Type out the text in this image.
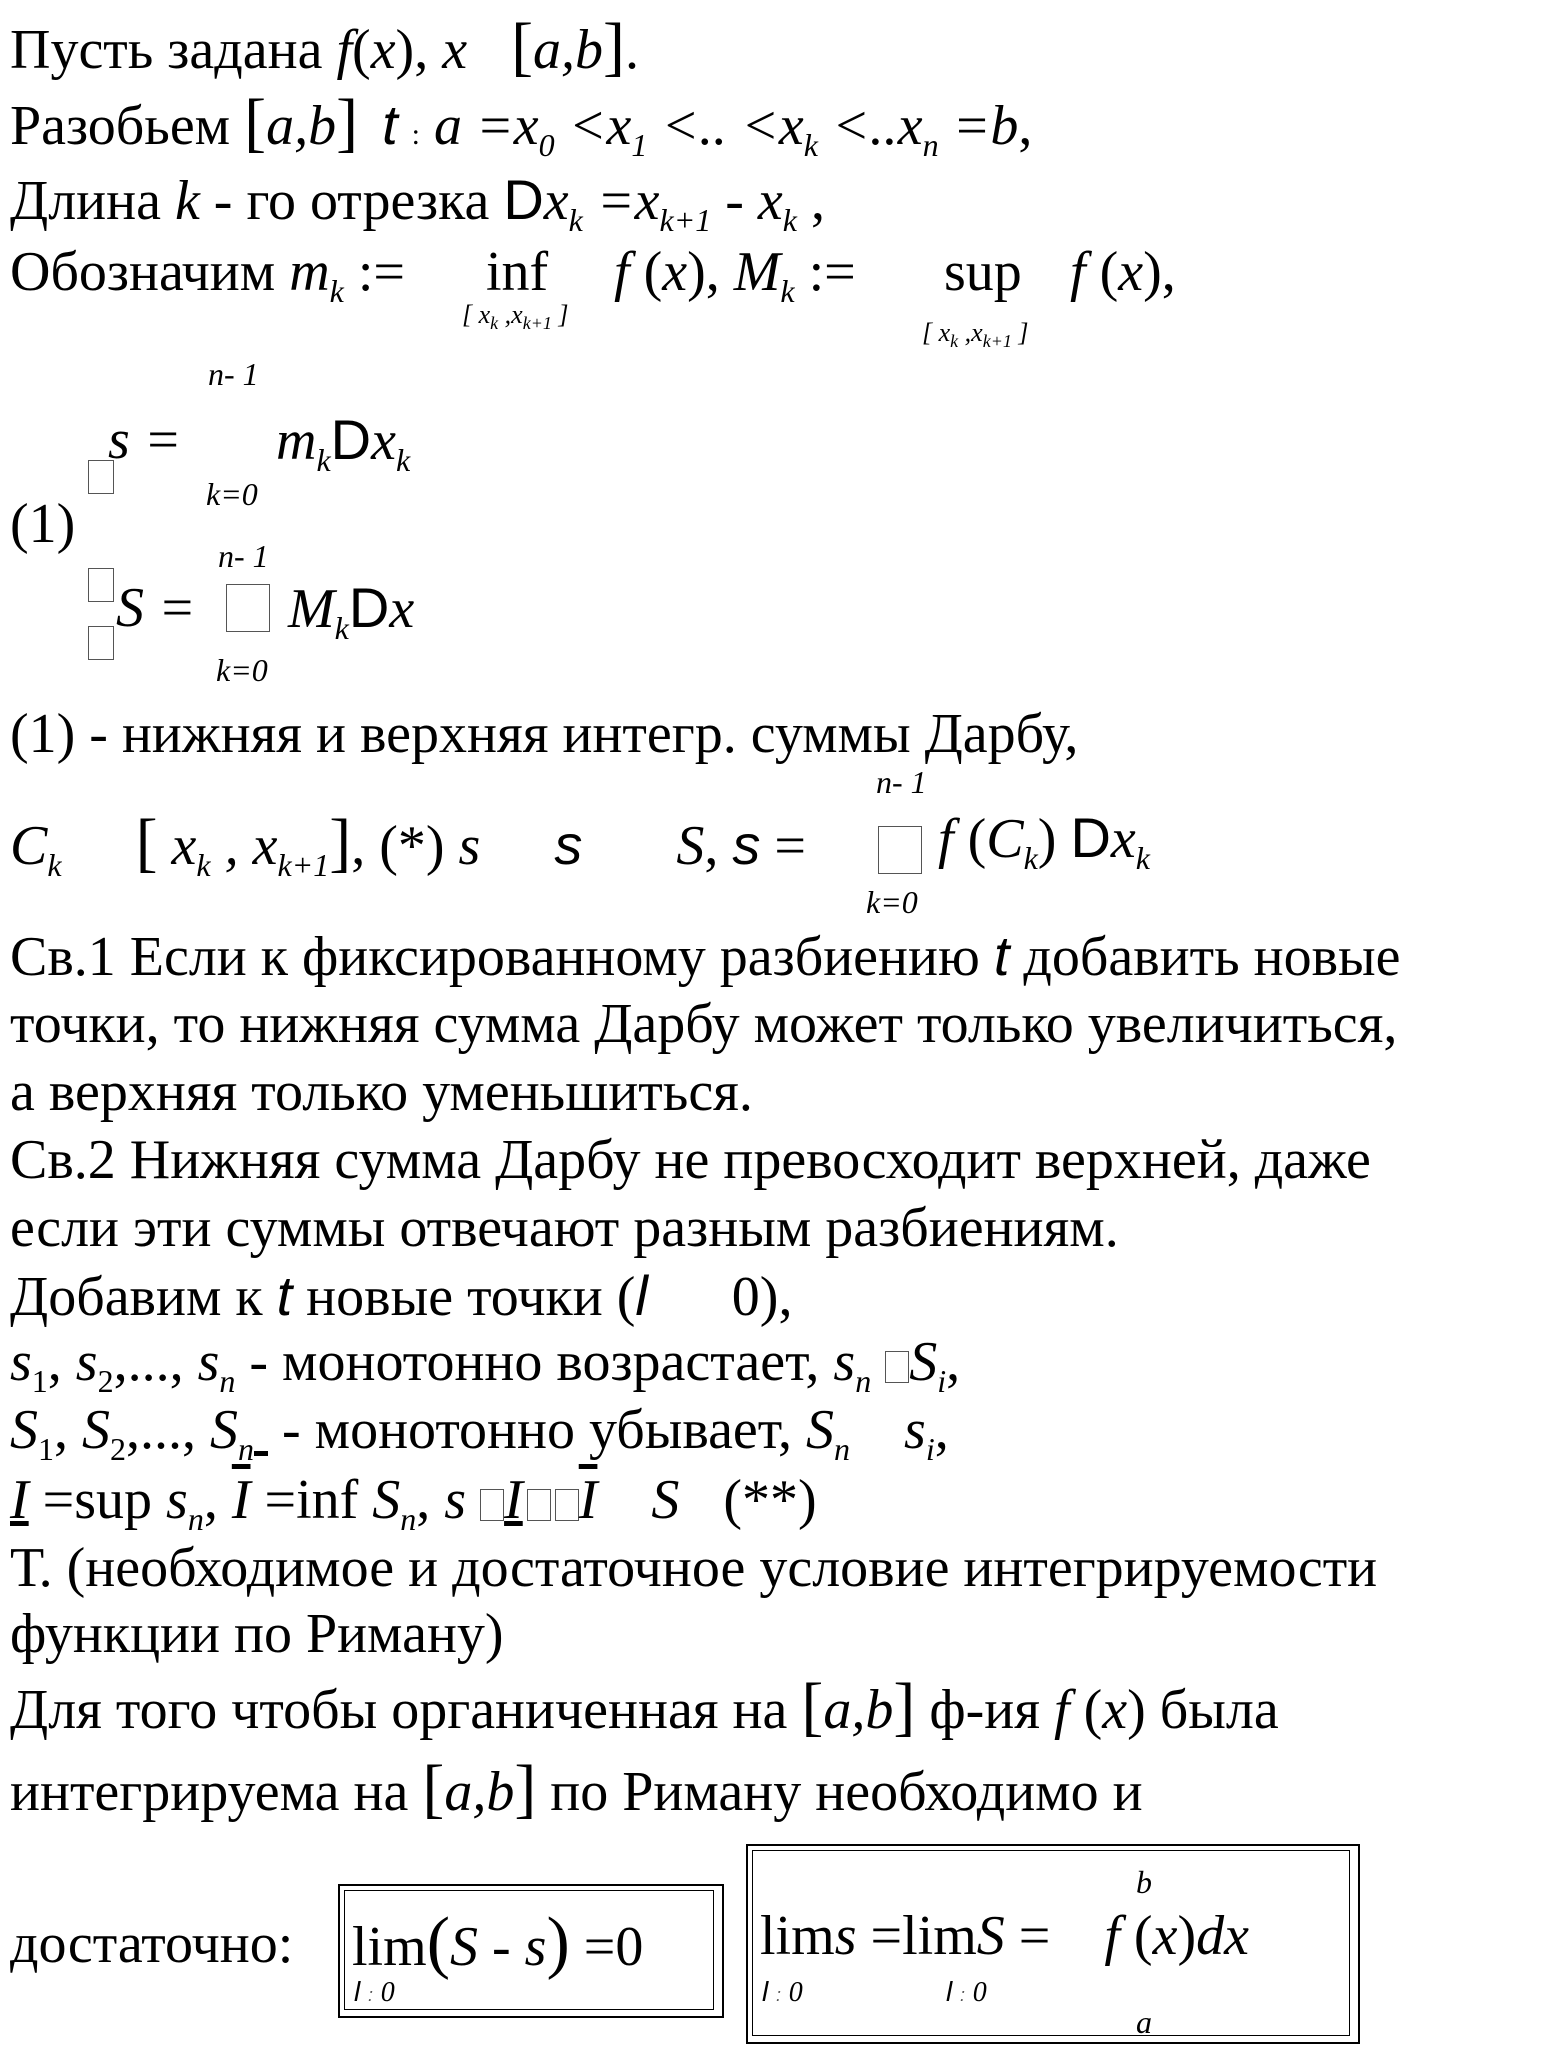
Пусть задана f(x), x [a,b].
Разобьем [a,b] t : $a =x_0 <x_1$ <.. $<x_k <..x_n =b$,
Длина k - го отрезка $Dx_k =x_{k+1} - x_k$ ,
Обозначим $m_k$ := inf
[ $x_k$ $,x_{k+1}$ ]
f (x), $M_k$ := sup
[ $x_k$ $,x_{k+1}$ ]
f (x),
n- 1
$s = m_kDx_k$
k=0
(1)
n- 1
$S = M_kDx$
k=0
(1) - нижняя и верхняя интегр. суммы Дарбу,
n- 1
$C_k$ [ $x_k$ , $x_{k+1}$], (*) s s S, s = f $(C_k)$ $Dx_k$
k=0
Св.1 Если к фиксированному разбиению t добавить новые
точки, то нижняя сумма Дарбу может только увеличиться,
а верхняя только уменьшиться.
Св.2 Нижняя сумма Дарбу не превосходит верхней, даже
если эти суммы отвечают разным разбиениям.
Добавим к t новые точки (l 0),
$s_1$, $s_2$,..., $s_n$ - монотонно возрастает, $s_n$ $S_i$,
$S_1$, $S_2$,..., $S_n$ - монотонно убывает, $S_n$ $s_i$,
I =sup $s_n$, $\overline{I} =inf$ $S_n$, s I $\overline{I}$ S (**)
Т. (необходимое и достаточное условие интегрируемости
функции по Риману)
Для того чтобы органиченная на [a,b] ф-ия f (x) была
интегрируема на [a,b] по Риману необходимо и
достаточно: lim(S - s) =0
l : 0
b
lims =limS = f (x)dx
l : 0	l : 0
a
